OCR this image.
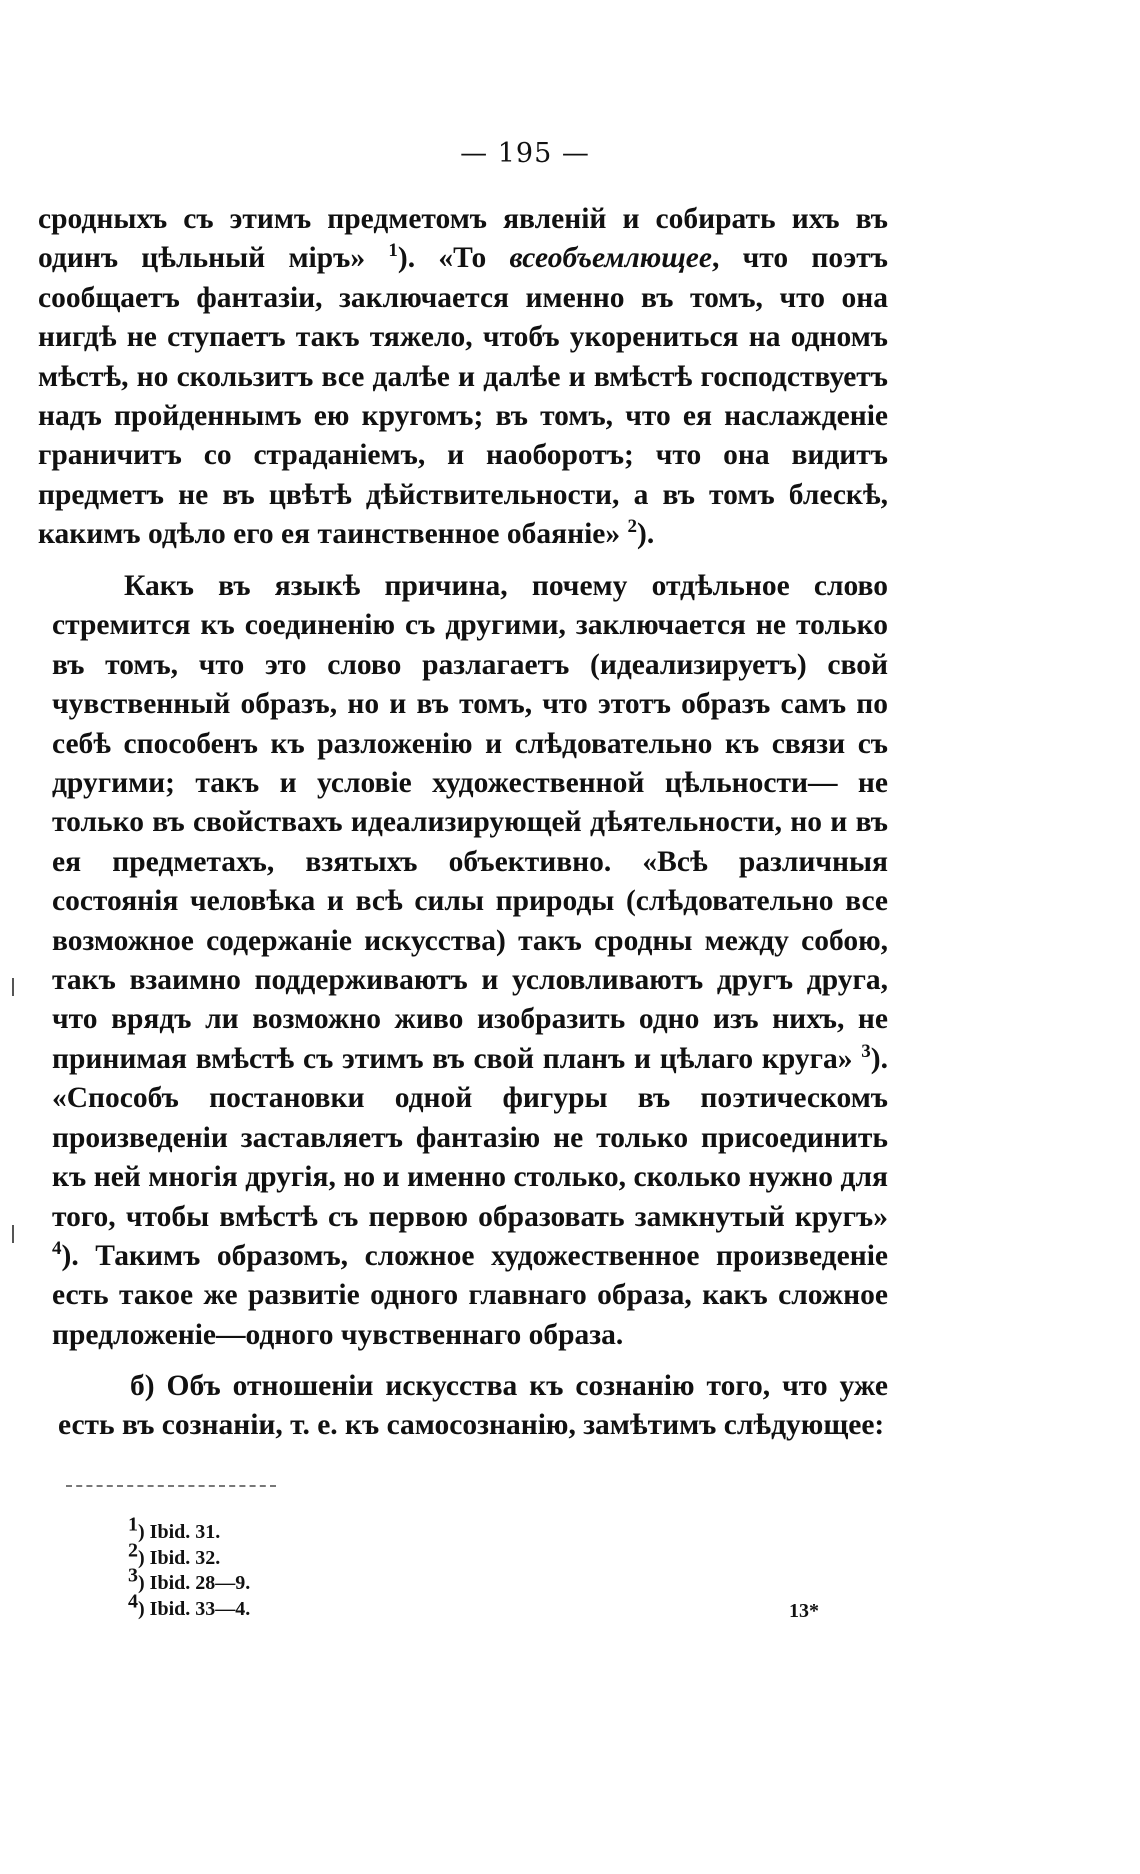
— 195 —
сродныхъ съ этимъ предметомъ явленій и собирать ихъ въ одинъ цѣльный міръ» $^1$). «То всеобъемлющее, что поэтъ сообщаетъ фантазіи, заключается именно въ томъ, что она нигдѣ не ступаетъ такъ тяжело, чтобъ укорениться на одномъ мѣстѣ, но скользитъ все далѣе и далѣе и вмѣстѣ господствуетъ надъ пройденнымъ ею кругомъ; въ томъ, что ея наслажденіе граничитъ со страданіемъ, и наоборотъ; что она видитъ предметъ не въ цвѣтѣ дѣйствительности, а въ томъ блескѣ, какимъ одѣло его ея таинственное обаяніе» $^2$).
Какъ въ языкѣ причина, почему отдѣльное слово стремится къ соединенію съ другими, заключается не только въ томъ, что это слово разлагаетъ (идеализируетъ) свой чувственный образъ, но и въ томъ, что этотъ образъ самъ по себѣ способенъ къ разложенію и слѣдовательно къ связи съ другими; такъ и условіе художественной цѣльности— не только въ свойствахъ идеализирующей дѣятельности, но и въ ея предметахъ, взятыхъ объективно. «Всѣ различныя состоянія человѣка и всѣ силы природы (слѣдовательно все возможное содержаніе искусства) такъ сродны между собою, такъ взаимно поддерживаютъ и условливаютъ другъ друга, что врядъ ли возможно живо изобразить одно изъ нихъ, не принимая вмѣстѣ съ этимъ въ свой планъ и цѣлаго круга» $^3$). «Способъ постановки одной фигуры въ поэтическомъ произведеніи заставляетъ фантазію не только присоединить къ ней многія другія, но и именно столько, сколько нужно для того, чтобы вмѣстѣ съ первою образовать замкнутый кругъ» $^4$). Такимъ образомъ, сложное художественное произведеніе есть такое же развитіе одного главнаго образа, какъ сложное предложеніе—одного чувственнаго образа.
б) Объ отношеніи искусства къ сознанію того, что уже есть въ сознаніи, т. е. къ самосознанію, замѣтимъ слѣдующее:
$^1$) Ibid. 31.
$^2$) Ibid. 32.
$^3$) Ibid. 28—9.
$^4$) Ibid. 33—4.	13*
